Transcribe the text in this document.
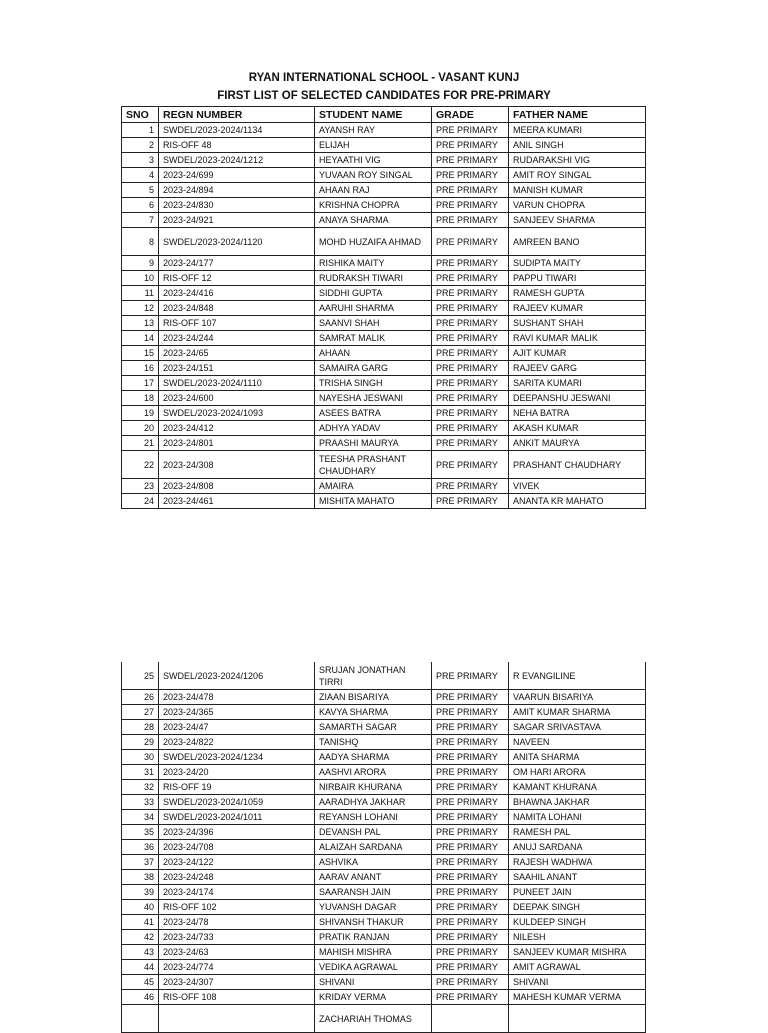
RYAN INTERNATIONAL SCHOOL - VASANT KUNJ
FIRST LIST OF SELECTED CANDIDATES FOR PRE-PRIMARY
SNO	REGN NUMBER	STUDENT NAME	GRADE	FATHER NAME
1	SWDEL/2023-2024/1134	AYANSH RAY	PRE PRIMARY	MEERA KUMARI
2	RIS-OFF 48	ELIJAH	PRE PRIMARY	ANIL SINGH
3	SWDEL/2023-2024/1212	HEYAATHI VIG	PRE PRIMARY	RUDARAKSHI VIG
4	2023-24/699	YUVAAN ROY SINGAL	PRE PRIMARY	AMIT ROY SINGAL
5	2023-24/894	AHAAN RAJ	PRE PRIMARY	MANISH KUMAR
6	2023-24/830	KRISHNA CHOPRA	PRE PRIMARY	VARUN CHOPRA
7	2023-24/921	ANAYA SHARMA	PRE PRIMARY	SANJEEV SHARMA
8	SWDEL/2023-2024/1120	MOHD HUZAIFA AHMAD	PRE PRIMARY	AMREEN BANO
9	2023-24/177	RISHIKA MAITY	PRE PRIMARY	SUDIPTA MAITY
10	RIS-OFF 12	RUDRAKSH TIWARI	PRE PRIMARY	PAPPU TIWARI
11	2023-24/416	SIDDHI GUPTA	PRE PRIMARY	RAMESH GUPTA
12	2023-24/848	AARUHI SHARMA	PRE PRIMARY	RAJEEV KUMAR
13	RIS-OFF 107	SAANVI SHAH	PRE PRIMARY	SUSHANT SHAH
14	2023-24/244	SAMRAT MALIK	PRE PRIMARY	RAVI KUMAR MALIK
15	2023-24/65	AHAAN	PRE PRIMARY	AJIT KUMAR
16	2023-24/151	SAMAIRA GARG	PRE PRIMARY	RAJEEV GARG
17	SWDEL/2023-2024/1110	TRISHA SINGH	PRE PRIMARY	SARITA KUMARI
18	2023-24/600	NAYESHA JESWANI	PRE PRIMARY	DEEPANSHU JESWANI
19	SWDEL/2023-2024/1093	ASEES BATRA	PRE PRIMARY	NEHA BATRA
20	2023-24/412	ADHYA YADAV	PRE PRIMARY	AKASH KUMAR
21	2023-24/801	PRAASHI MAURYA	PRE PRIMARY	ANKIT MAURYA
22	2023-24/308	TEESHA PRASHANT CHAUDHARY	PRE PRIMARY	PRASHANT CHAUDHARY
23	2023-24/808	AMAIRA	PRE PRIMARY	VIVEK
24	2023-24/461	MISHITA MAHATO	PRE PRIMARY	ANANTA KR MAHATO
25	SWDEL/2023-2024/1206	SRUJAN JONATHAN TIRRI	PRE PRIMARY	R EVANGILINE
26	2023-24/478	ZIAAN BISARIYA	PRE PRIMARY	VAARUN BISARIYA
27	2023-24/365	KAVYA SHARMA	PRE PRIMARY	AMIT KUMAR SHARMA
28	2023-24/47	SAMARTH SAGAR	PRE PRIMARY	SAGAR SRIVASTAVA
29	2023-24/822	TANISHQ	PRE PRIMARY	NAVEEN
30	SWDEL/2023-2024/1234	AADYA SHARMA	PRE PRIMARY	ANITA SHARMA
31	2023-24/20	AASHVI ARORA	PRE PRIMARY	OM HARI ARORA
32	RIS-OFF 19	NIRBAIR KHURANA	PRE PRIMARY	KAMANT KHURANA
33	SWDEL/2023-2024/1059	AARADHYA JAKHAR	PRE PRIMARY	BHAWNA JAKHAR
34	SWDEL/2023-2024/1011	REYANSH LOHANI	PRE PRIMARY	NAMITA LOHANI
35	2023-24/396	DEVANSH PAL	PRE PRIMARY	RAMESH PAL
36	2023-24/708	ALAIZAH SARDANA	PRE PRIMARY	ANUJ SARDANA
37	2023-24/122	ASHVIKA	PRE PRIMARY	RAJESH WADHWA
38	2023-24/248	AARAV ANANT	PRE PRIMARY	SAAHIL ANANT
39	2023-24/174	SAARANSH JAIN	PRE PRIMARY	PUNEET JAIN
40	RIS-OFF 102	YUVANSH DAGAR	PRE PRIMARY	DEEPAK SINGH
41	2023-24/78	SHIVANSH THAKUR	PRE PRIMARY	KULDEEP SINGH
42	2023-24/733	PRATIK RANJAN	PRE PRIMARY	NILESH
43	2023-24/63	MAHISH MISHRA	PRE PRIMARY	SANJEEV KUMAR MISHRA
44	2023-24/774	VEDIKA AGRAWAL	PRE PRIMARY	AMIT AGRAWAL
45	2023-24/307	SHIVANI	PRE PRIMARY	SHIVANI
46	RIS-OFF 108	KRIDAY VERMA	PRE PRIMARY	MAHESH KUMAR VERMA
		ZACHARIAH THOMAS		
